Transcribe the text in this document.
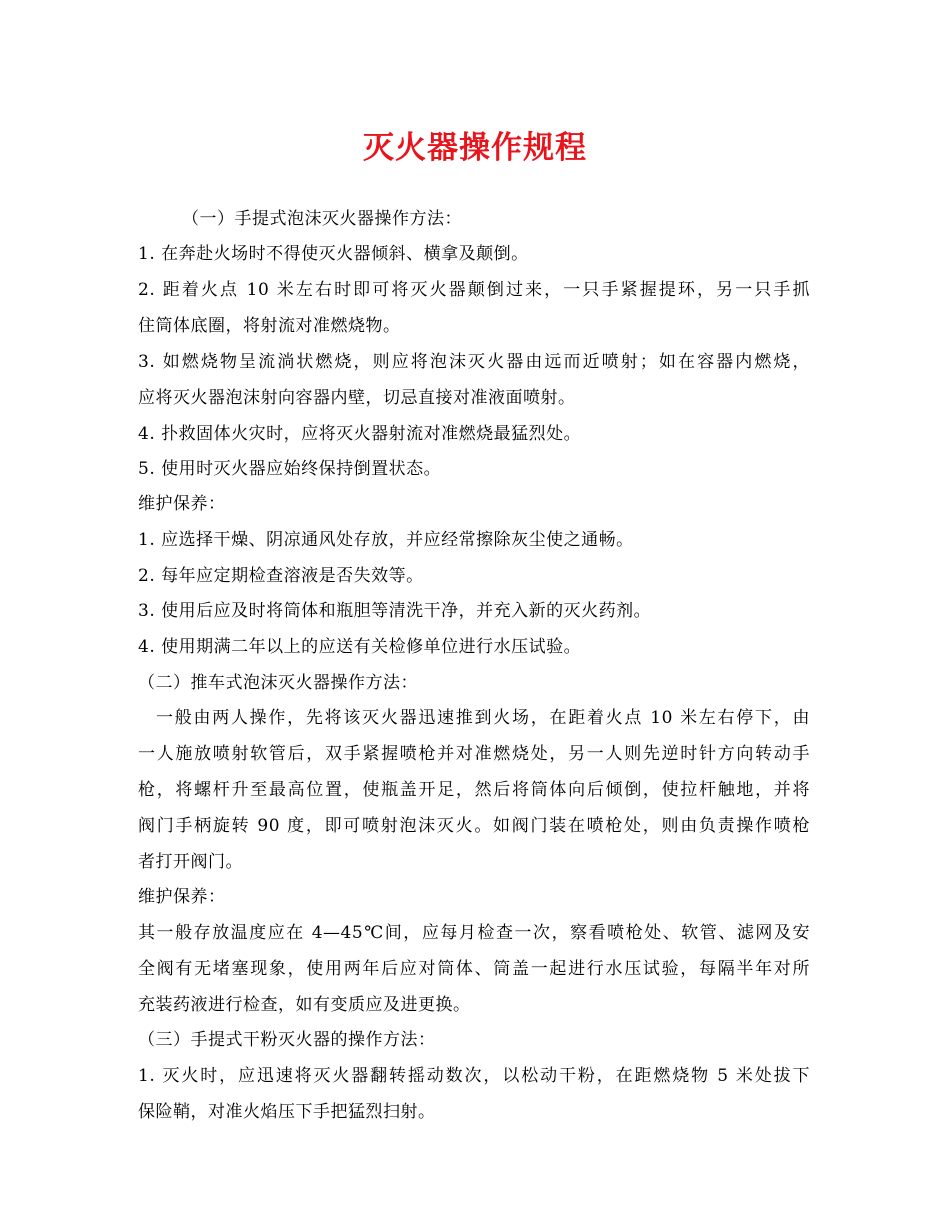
灭火器操作规程
（一）手提式泡沫灭火器操作方法：
1. 在奔赴火场时不得使灭火器倾斜、横拿及颠倒。
2. 距着火点 10 米左右时即可将灭火器颠倒过来，一只手紧握提环，另一只手抓
住筒体底圈，将射流对准燃烧物。
3. 如燃烧物呈流淌状燃烧，则应将泡沫灭火器由远而近喷射；如在容器内燃烧，
应将灭火器泡沫射向容器内壁，切忌直接对准液面喷射。
4. 扑救固体火灾时，应将灭火器射流对准燃烧最猛烈处。
5. 使用时灭火器应始终保持倒置状态。
维护保养：
1. 应选择干燥、阴凉通风处存放，并应经常擦除灰尘使之通畅。
2. 每年应定期检查溶液是否失效等。
3. 使用后应及时将筒体和瓶胆等清洗干净，并充入新的灭火药剂。
4. 使用期满二年以上的应送有关检修单位进行水压试验。
（二）推车式泡沫灭火器操作方法：
一般由两人操作，先将该灭火器迅速推到火场，在距着火点 10 米左右停下，由
一人施放喷射软管后，双手紧握喷枪并对准燃烧处，另一人则先逆时针方向转动手
枪，将螺杆升至最高位置，使瓶盖开足，然后将筒体向后倾倒，使拉杆触地，并将
阀门手柄旋转 90 度，即可喷射泡沫灭火。如阀门装在喷枪处，则由负责操作喷枪
者打开阀门。
维护保养：
其一般存放温度应在 4—45℃间，应每月检查一次，察看喷枪处、软管、滤网及安
全阀有无堵塞现象，使用两年后应对筒体、筒盖一起进行水压试验，每隔半年对所
充装药液进行检查，如有变质应及进更换。
（三）手提式干粉灭火器的操作方法：
1. 灭火时，应迅速将灭火器翻转摇动数次，以松动干粉，在距燃烧物 5 米处拔下
保险鞘，对准火焰压下手把猛烈扫射。
